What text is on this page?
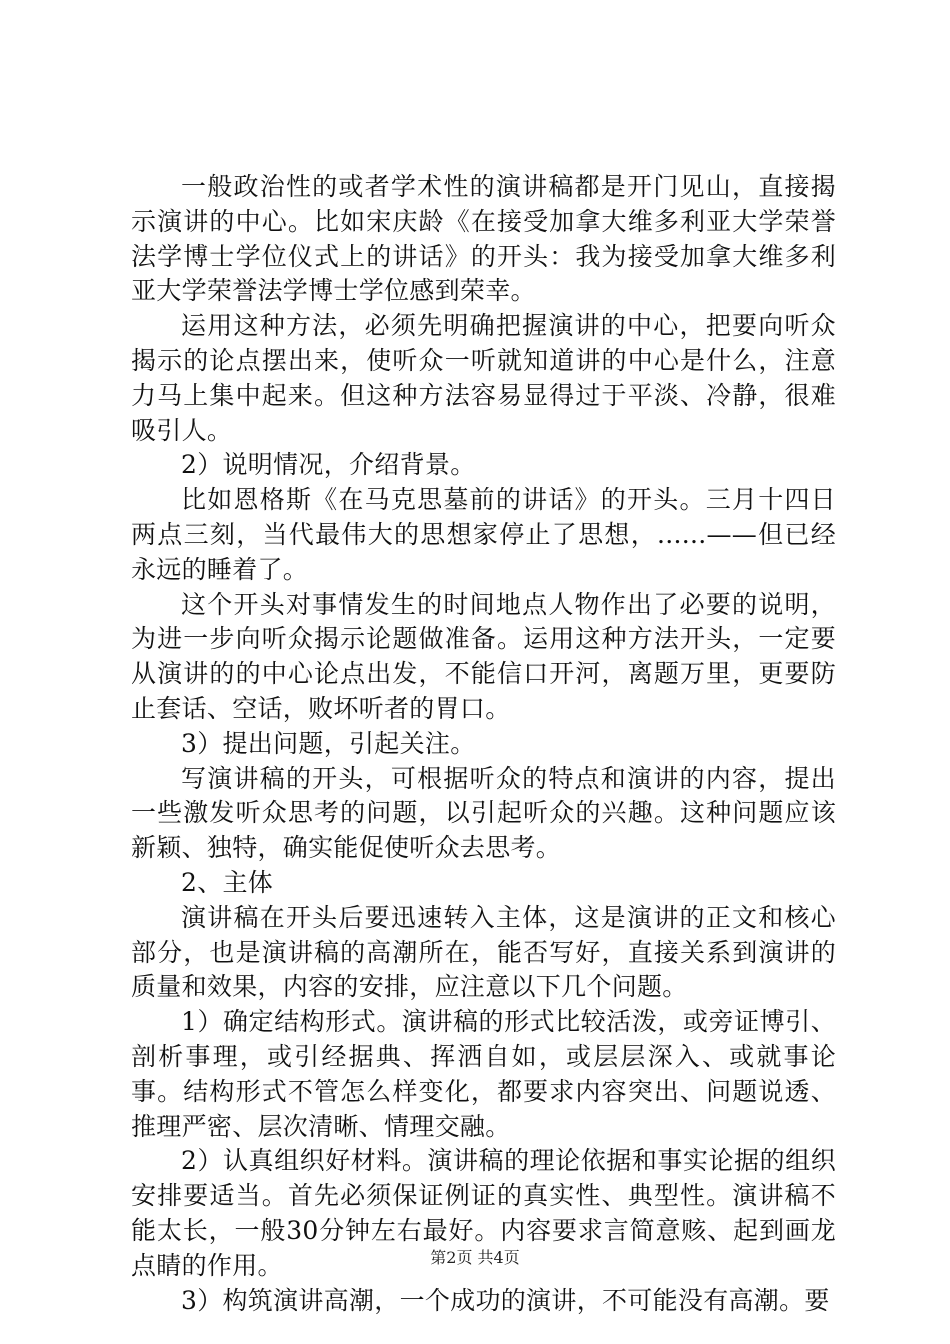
一般政治性的或者学术性的演讲稿都是开门见山，直接揭示演讲的中心。比如宋庆龄《在接受加拿大维多利亚大学荣誉法学博士学位仪式上的讲话》的开头：我为接受加拿大维多利亚大学荣誉法学博士学位感到荣幸。

运用这种方法，必须先明确把握演讲的中心，把要向听众揭示的论点摆出来，使听众一听就知道讲的中心是什么，注意力马上集中起来。但这种方法容易显得过于平淡、冷静，很难吸引人。

2）说明情况，介绍背景。

比如恩格斯《在马克思墓前的讲话》的开头。三月十四日两点三刻，当代最伟大的思想家停止了思想，......——但已经永远的睡着了。

这个开头对事情发生的时间地点人物作出了必要的说明，为进一步向听众揭示论题做准备。运用这种方法开头，一定要从演讲的的中心论点出发，不能信口开河，离题万里，更要防止套话、空话，败坏听者的胃口。

3）提出问题，引起关注。

写演讲稿的开头，可根据听众的特点和演讲的内容，提出一些激发听众思考的问题，以引起听众的兴趣。这种问题应该新颖、独特，确实能促使听众去思考。

2、主体

演讲稿在开头后要迅速转入主体，这是演讲的正文和核心部分，也是演讲稿的高潮所在，能否写好，直接关系到演讲的质量和效果，内容的安排，应注意以下几个问题。

1）确定结构形式。演讲稿的形式比较活泼，或旁证博引、剖析事理，或引经据典、挥洒自如，或层层深入、或就事论事。结构形式不管怎么样变化，都要求内容突出、问题说透、推理严密、层次清晰、情理交融。

2）认真组织好材料。演讲稿的理论依据和事实论据的组织安排要适当。首先必须保证例证的真实性、典型性。演讲稿不能太长，一般30分钟左右最好。内容要求言简意赅、起到画龙点睛的作用。

3）构筑演讲高潮，一个成功的演讲，不可能没有高潮。要

第2页 共4页
